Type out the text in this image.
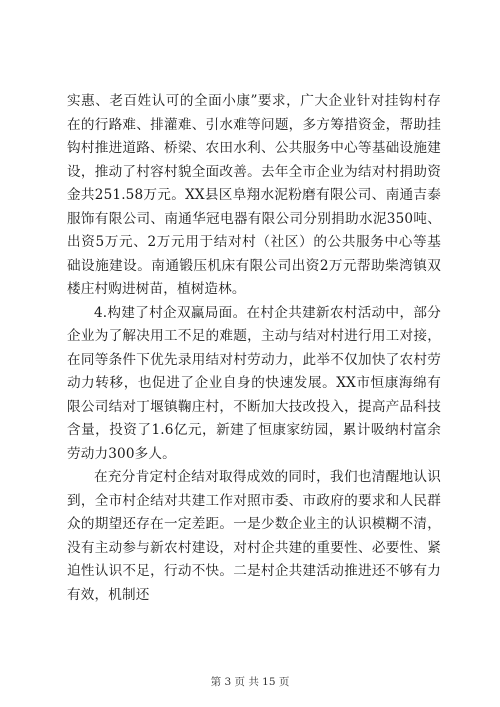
实惠、老百姓认可的全面小康”要求，广大企业针对挂钩村存在的行路难、排灌难、引水难等问题，多方筹措资金，帮助挂钩村推进道路、桥梁、农田水利、公共服务中心等基础设施建设，推动了村容村貌全面改善。去年全市企业为结对村捐助资金共251.58万元。XX县区阜翔水泥粉磨有限公司、南通吉泰服饰有限公司、南通华冠电器有限公司分别捐助水泥350吨、出资5万元、2万元用于结对村（社区）的公共服务中心等基础设施建设。南通锻压机床有限公司出资2万元帮助柴湾镇双楼庄村购进树苗，植树造林。

4.构建了村企双赢局面。在村企共建新农村活动中，部分企业为了解决用工不足的难题，主动与结对村进行用工对接，在同等条件下优先录用结对村劳动力，此举不仅加快了农村劳动力转移，也促进了企业自身的快速发展。XX市恒康海绵有限公司结对丁堰镇鞠庄村，不断加大技改投入，提高产品科技含量，投资了1.6亿元，新建了恒康家纺园，累计吸纳村富余劳动力300多人。

在充分肯定村企结对取得成效的同时，我们也清醒地认识到，全市村企结对共建工作对照市委、市政府的要求和人民群众的期望还存在一定差距。一是少数企业主的认识模糊不清，没有主动参与新农村建设，对村企共建的重要性、必要性、紧迫性认识不足，行动不快。二是村企共建活动推进还不够有力有效，机制还

第 3 页 共 15 页
